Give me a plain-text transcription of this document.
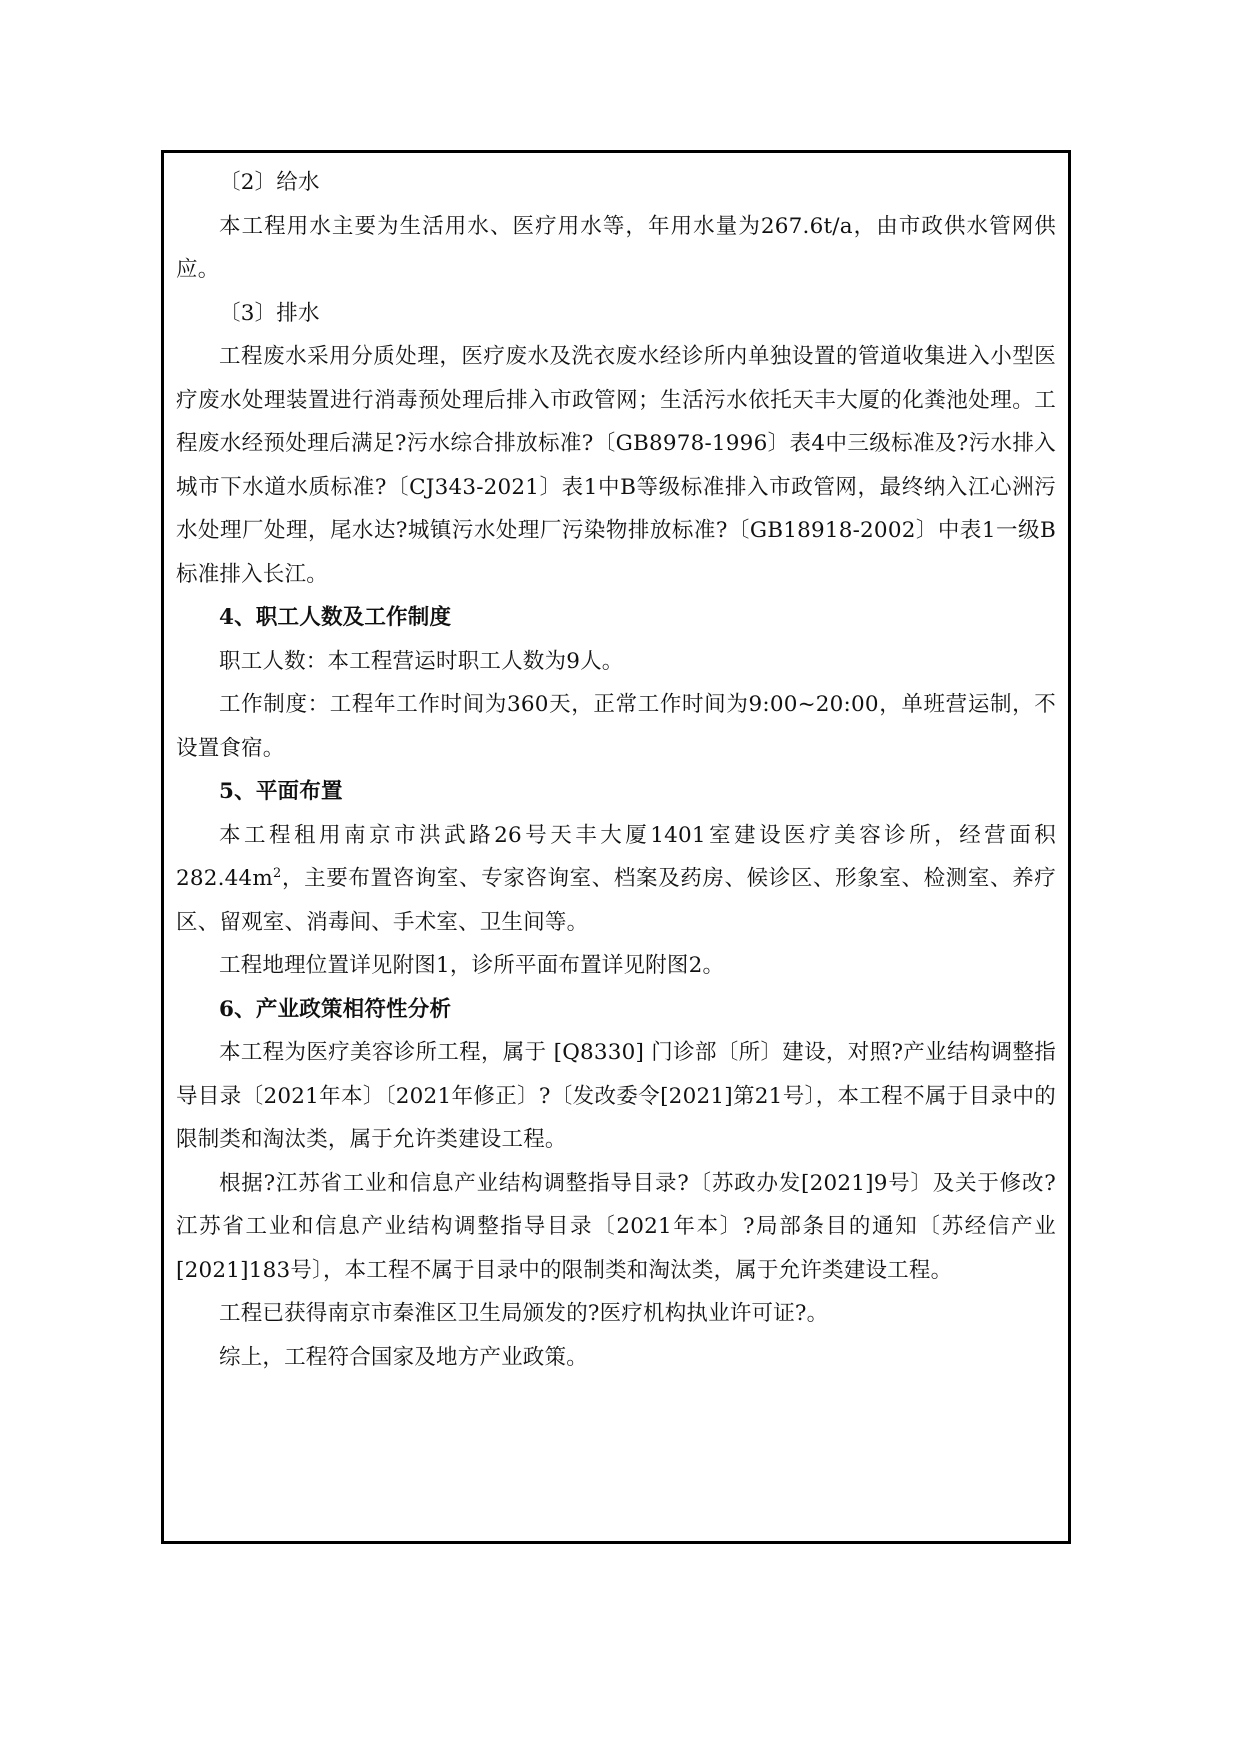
〔2〕给水

本工程用水主要为生活用水、医疗用水等，年用水量为267.6t/a，由市政供水管网供应。

〔3〕排水

工程废水采用分质处理，医疗废水及洗衣废水经诊所内单独设置的管道收集进入小型医疗废水处理装置进行消毒预处理后排入市政管网；生活污水依托天丰大厦的化粪池处理。工程废水经预处理后满足?污水综合排放标准?〔GB8978-1996〕表4中三级标准及?污水排入城市下水道水质标准?〔CJ343-2021〕表1中B等级标准排入市政管网，最终纳入江心洲污水处理厂处理，尾水达?城镇污水处理厂污染物排放标准?〔GB18918-2002〕中表1一级B标准排入长江。

4、职工人数及工作制度

职工人数：本工程营运时职工人数为9人。

工作制度：工程年工作时间为360天，正常工作时间为9:00~20:00，单班营运制，不设置食宿。

5、平面布置

本工程租用南京市洪武路26号天丰大厦1401室建设医疗美容诊所，经营面积$282.44m^2$，主要布置咨询室、专家咨询室、档案及药房、候诊区、形象室、检测室、养疗区、留观室、消毒间、手术室、卫生间等。

工程地理位置详见附图1，诊所平面布置详见附图2。

6、产业政策相符性分析

本工程为医疗美容诊所工程，属于 [Q8330] 门诊部〔所〕建设，对照?产业结构调整指导目录〔2021年本〕〔2021年修正〕?〔发改委令[2021]第21号〕，本工程不属于目录中的限制类和淘汰类，属于允许类建设工程。

根据?江苏省工业和信息产业结构调整指导目录?〔苏政办发[2021]9号〕及关于修改?江苏省工业和信息产业结构调整指导目录〔2021年本〕?局部条目的通知〔苏经信产业[2021]183号〕，本工程不属于目录中的限制类和淘汰类，属于允许类建设工程。

工程已获得南京市秦淮区卫生局颁发的?医疗机构执业许可证?。

综上，工程符合国家及地方产业政策。
